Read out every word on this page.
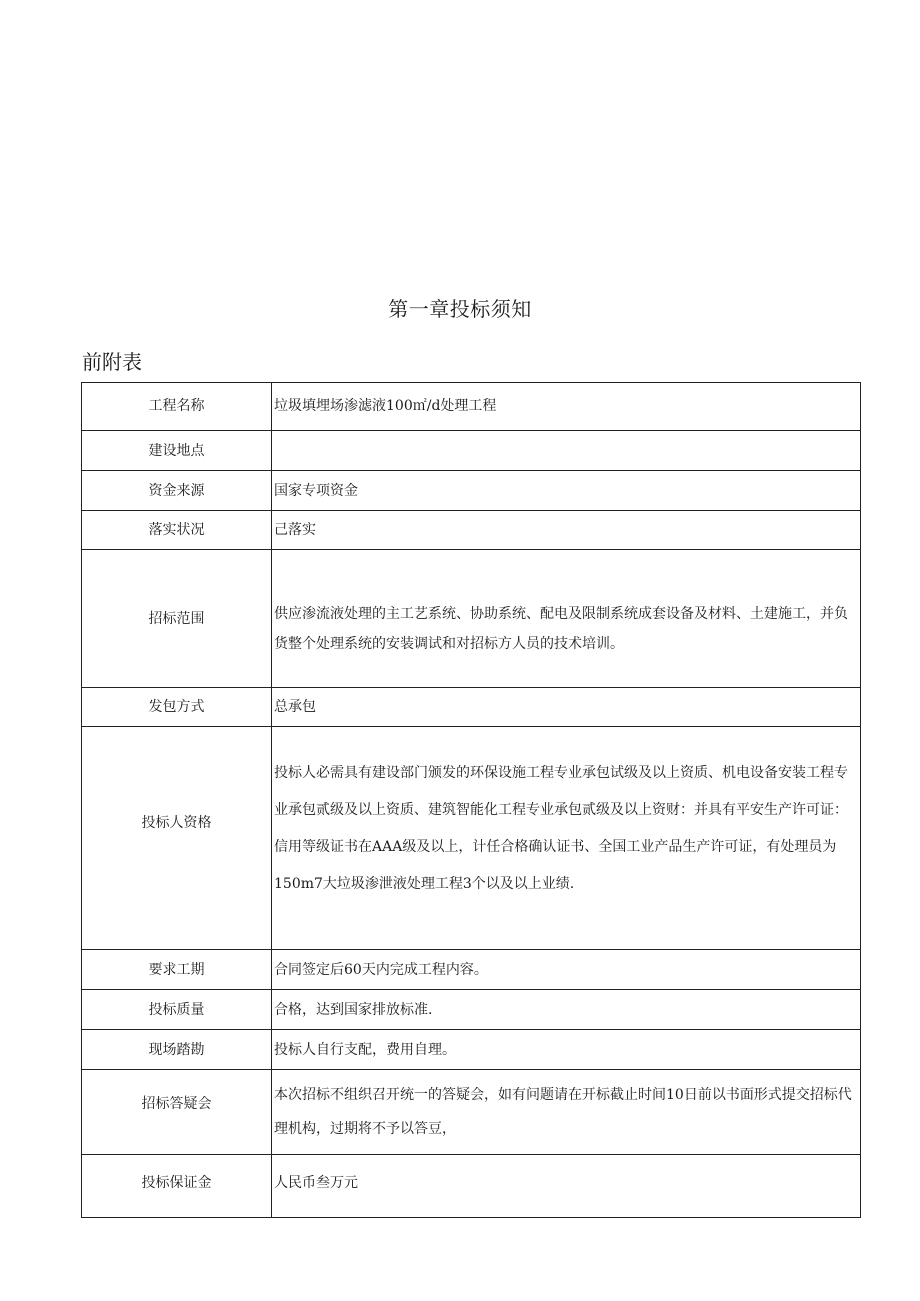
第一章投标须知
前附表
工程名称	垃圾填埋场渗滤液100㎡/d处理工程
建设地点	
资金来源	国家专项资金
落实状况	己落实
招标范围	供应渗流液处理的主工艺系统、协助系统、配电及限制系统成套设备及材料、土建施工，并负货整个处理系统的安装调试和对招标方人员的技术培训。
发包方式	总承包
投标人资格	投标人必需具有建设部门颁发的环保设施工程专业承包试级及以上资质、机电设备安装工程专业承包贰级及以上资质、建筑智能化工程专业承包贰级及以上资财：并具有平安生产许可证：信用等级证书在AAA级及以上，计任合格确认证书、全国工业产品生产许可证，有处理员为150m7大垃圾渗泄液处理工程3个以及以上业绩.
要求工期	合同签定后60天内完成工程内容。
投标质量	合格，达到国家排放标准.
现场踏勘	投标人自行支配，费用自理。
招标答疑会	本次招标不组织召开统一的答疑会，如有问题请在开标截止时间10日前以书面形式提交招标代理机构，过期将不予以答豆，
投标保证金	人民币叁万元
